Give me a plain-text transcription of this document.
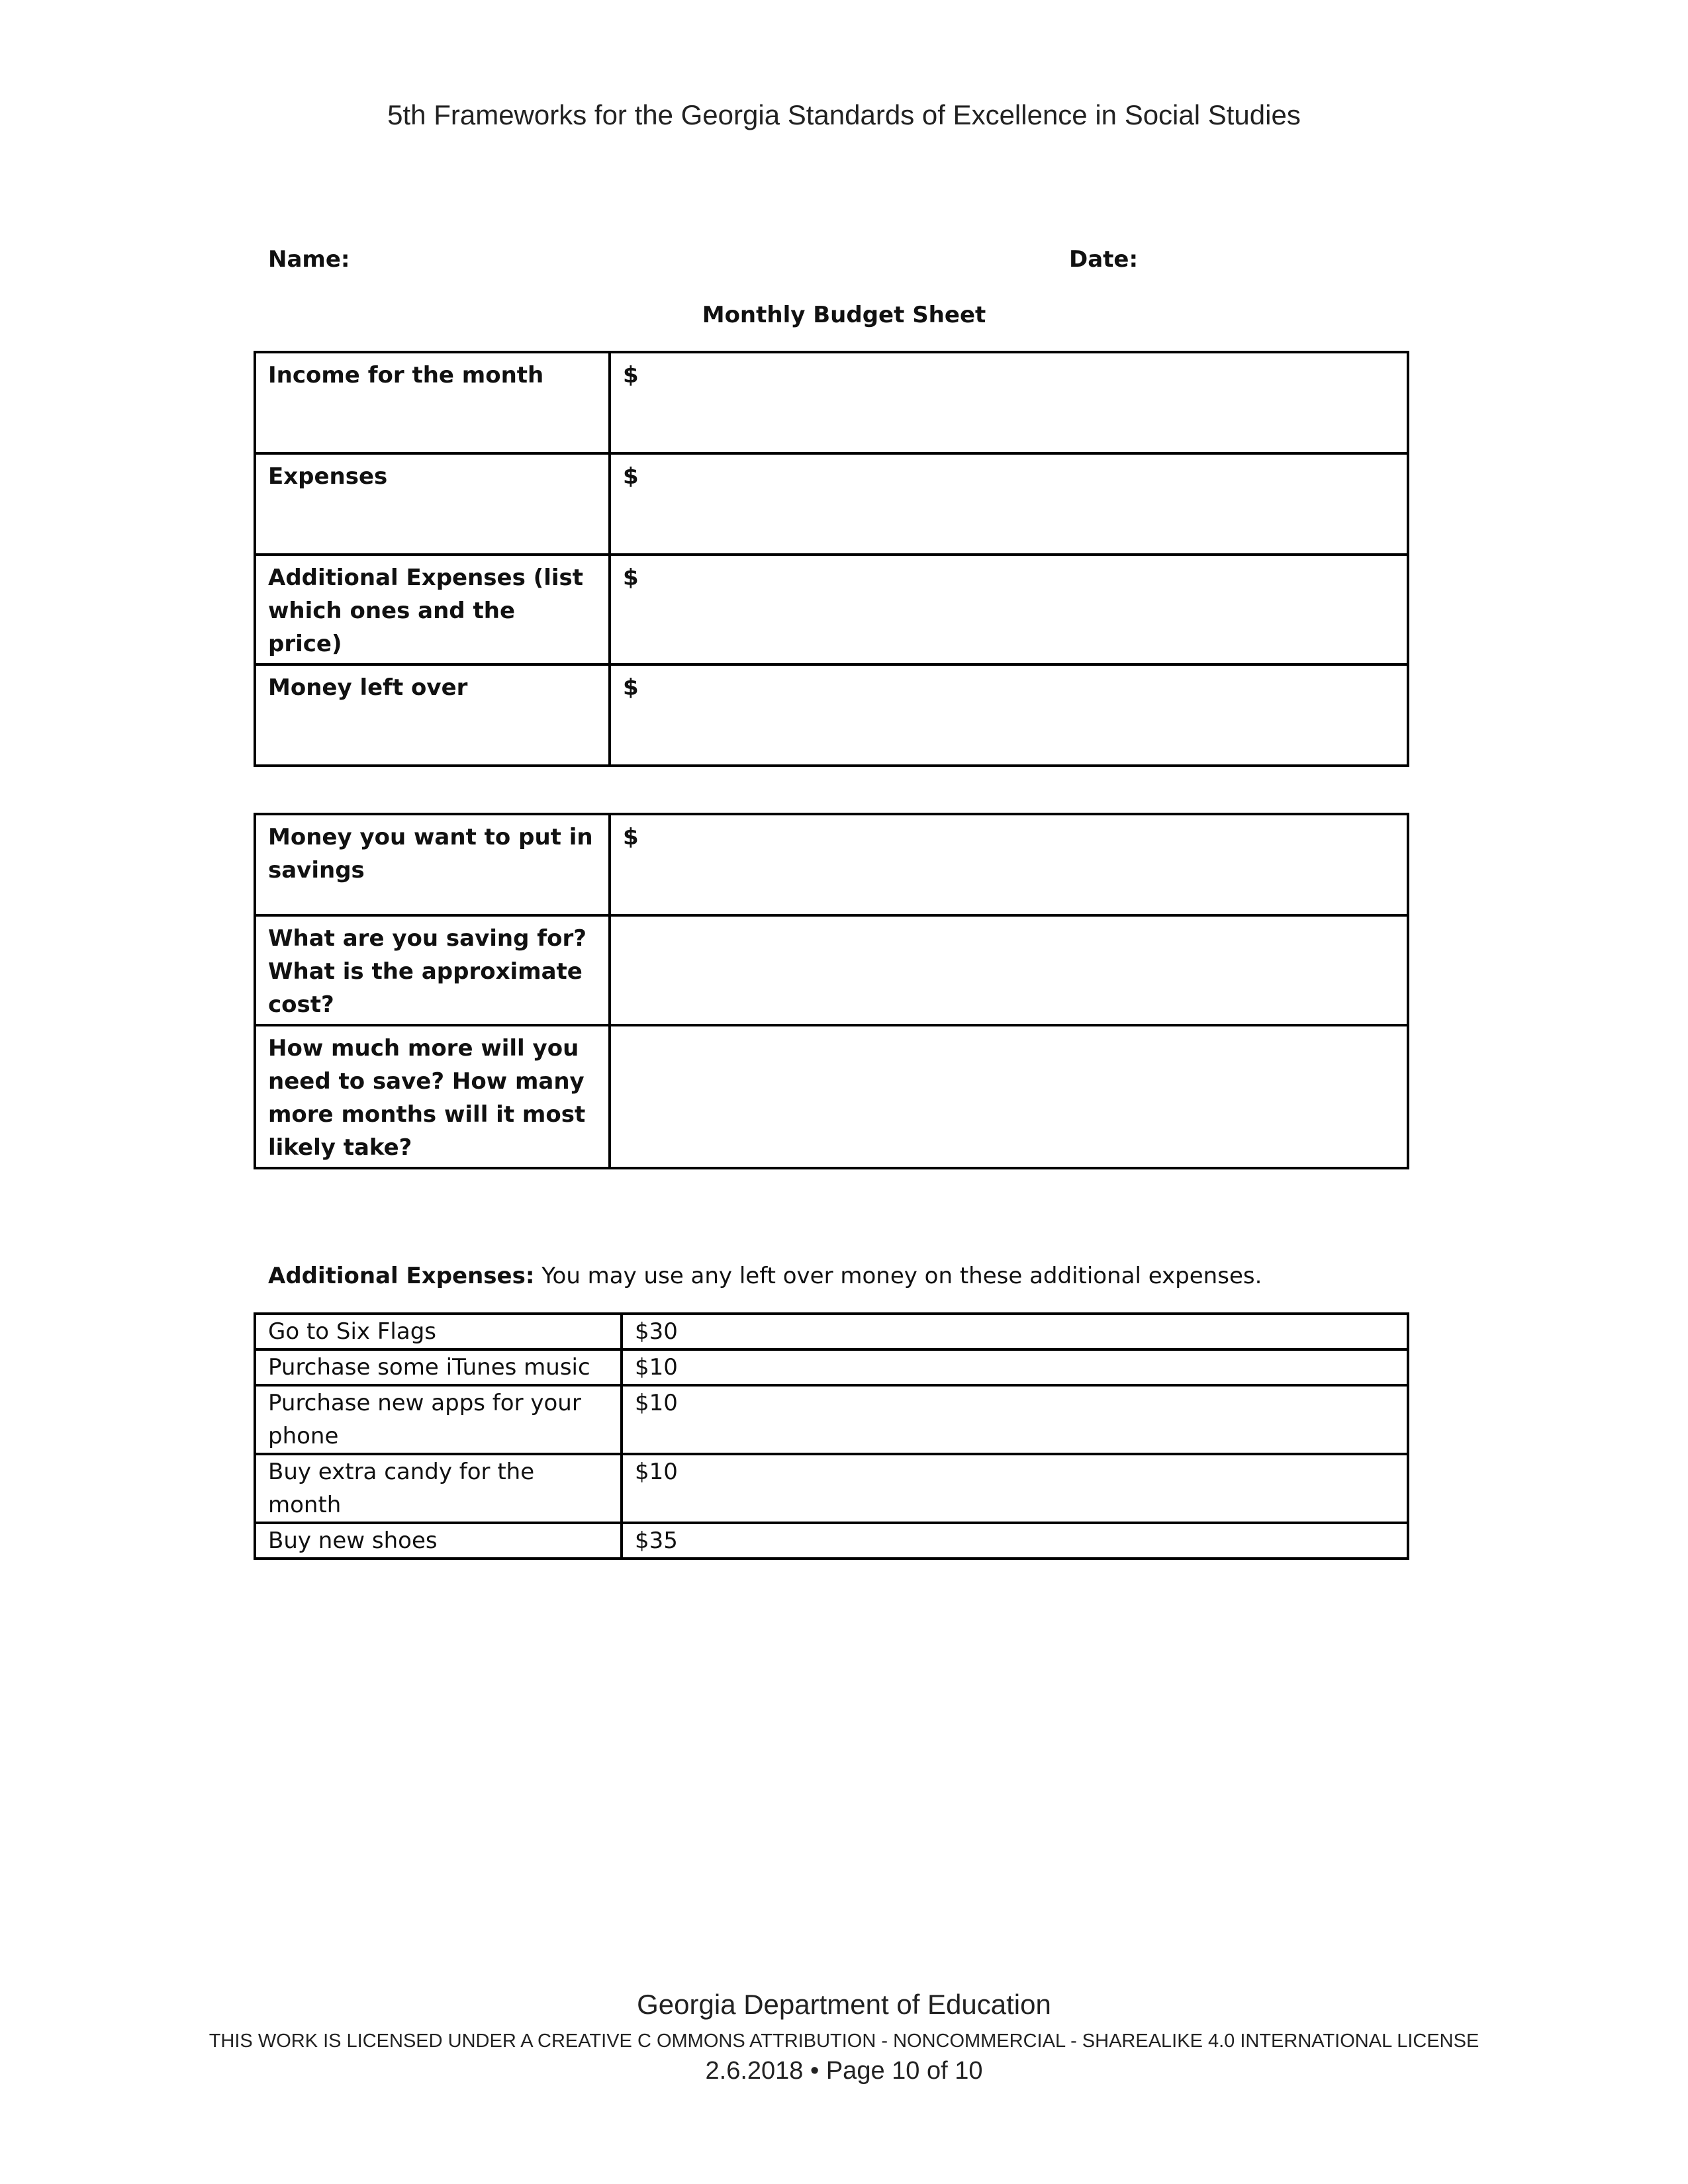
5th Frameworks for the Georgia Standards of Excellence in Social Studies
Name:	Date:
Monthly Budget Sheet
Income for the month	$
Expenses	$

Additional Expenses (list
which ones and the price)	$
Money left over	$
Money you want to put in
savings	$

What are you saving for?
What is the approximate
cost?	

How much more will you
need to save? How many
more months will it most
likely take?	

Additional Expenses: You may use any left over money on these additional expenses.
Go to Six Flags	$30
Purchase some iTunes music	$10

Purchase new apps for your
phone	$10
Buy extra candy for the month	$10
Buy new shoes	$35
Georgia Department of Education
THIS WORK IS LICENSED UNDER A CREATIVE C OMMONS ATTRIBUTION - NONCOMMERCIAL - SHAREALIKE 4.0 INTERNATIONAL LICENSE
2.6.2018 • Page 10 of 10
